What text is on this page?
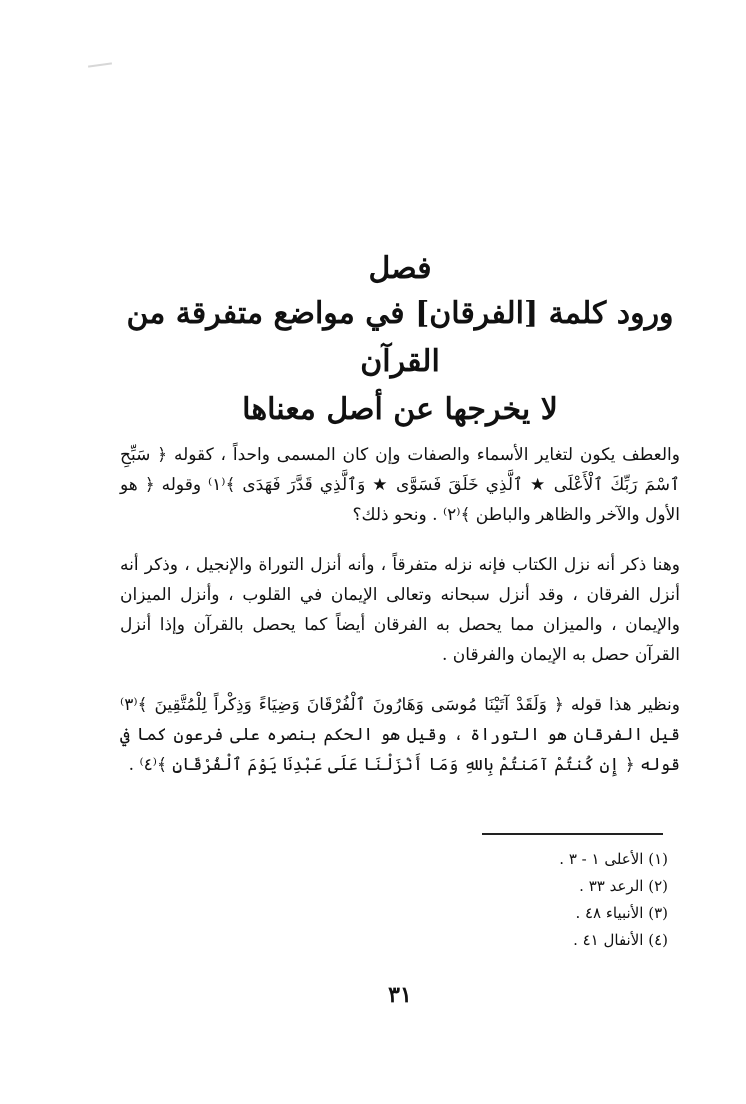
فصل
ورود كلمة [الفرقان] في مواضع متفرقة من القرآن
لا يخرجها عن أصل معناها

والعطف يكون لتغاير الأسماء والصفات وإن كان المسمى واحداً ، كقوله ﴿ سَبِّحِ ٱسْمَ رَبِّكَ ٱلْأَعْلَى ★ ٱلَّذِي خَلَقَ فَسَوَّى ★ وَٱلَّذِي قَدَّرَ فَهَدَى ﴾⁽١⁾ وقوله ﴿ هو الأول والآخر والظاهر والباطن ﴾⁽٢⁾ . ونحو ذلك؟

وهنا ذكر أنه نزل الكتاب فإنه نزله متفرقاً ، وأنه أنزل التوراة والإنجيل ، وذكر أنه أنزل الفرقان ، وقد أنزل سبحانه وتعالى الإيمان في القلوب ، وأنزل الميزان والإيمان ، والميزان مما يحصل به الفرقان أيضاً كما يحصل بالقرآن وإذا أنزل القرآن حصل به الإيمان والفرقان .

ونظير هذا قوله ﴿ وَلَقَدْ آتَيْنَا مُوسَى وَهَارُونَ ٱلْفُرْقَانَ وَضِيَاءً وَذِكْراً لِلْمُتَّقِينَ ﴾⁽٣⁾ قيل الفرقان هو التوراة ، وقيل هو الحكم بنصره على فرعون كما في قوله ﴿ إِن كُنتُمْ آمَنتُمْ بِاللهِ وَمَا أَنْزَلْنَا عَلَى عَبْدِنَا يَوْمَ ٱلْفُرْقَانِ ﴾⁽٤⁾ .

(١) الأعلى ١ - ٣ .
(٢) الرعد ٣٣ .
(٣) الأنبياء ٤٨ .
(٤) الأنفال ٤١ .
٣١
